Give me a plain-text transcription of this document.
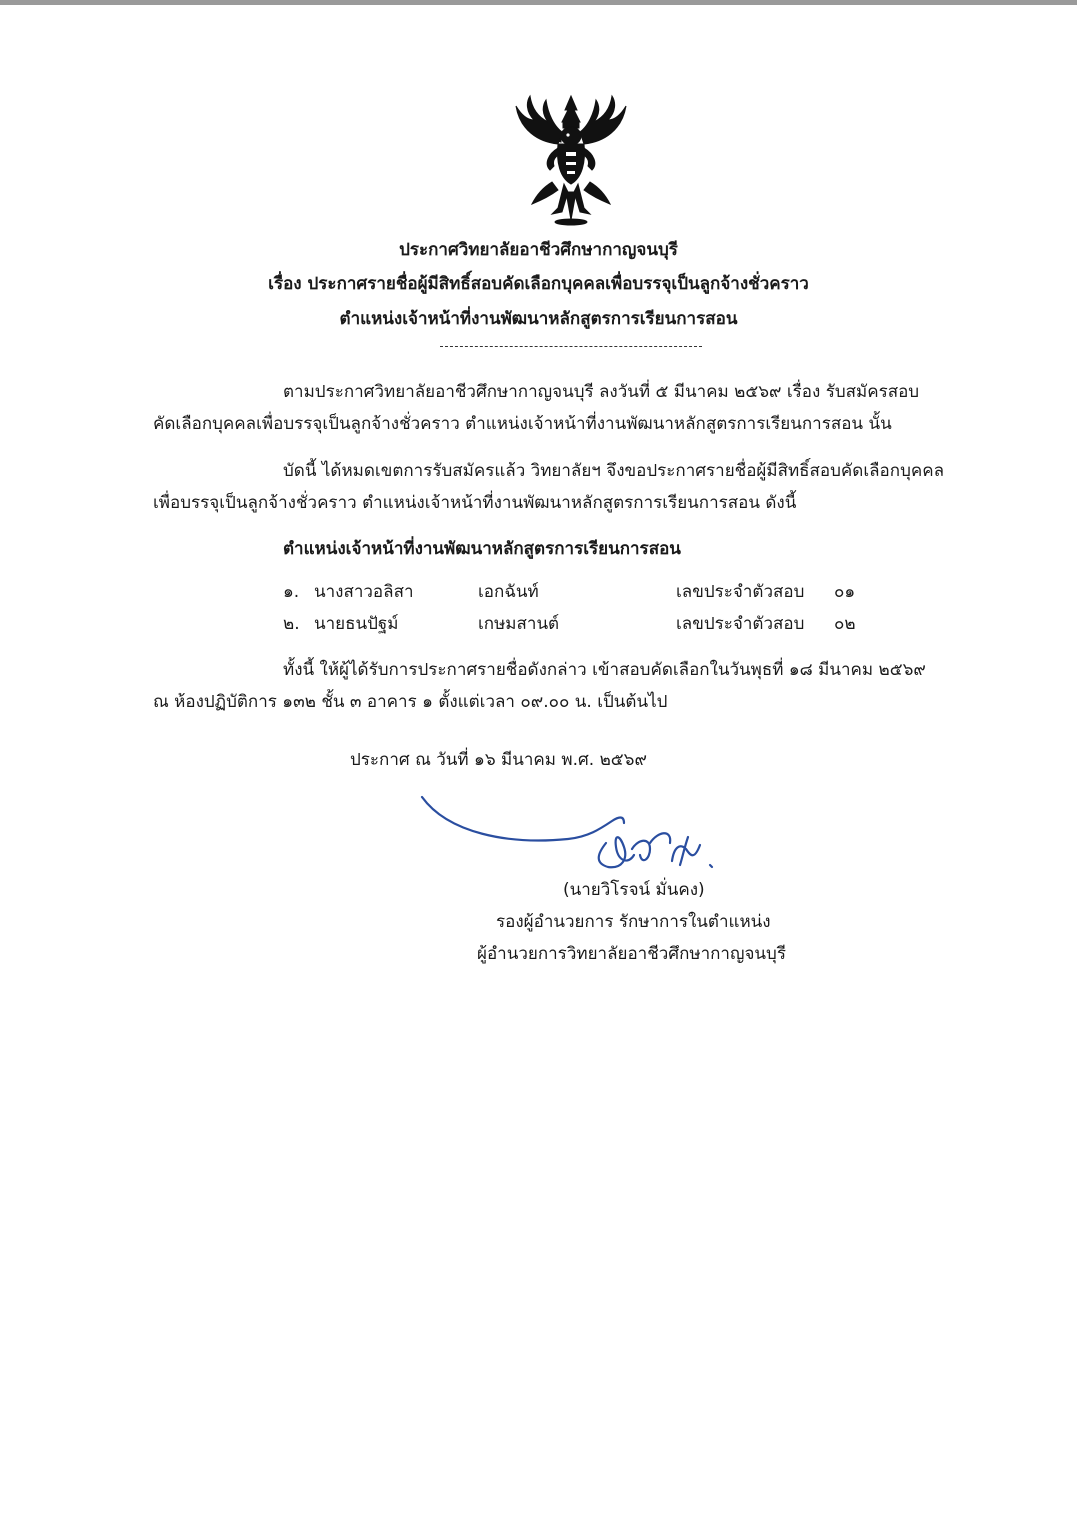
ประกาศวิทยาลัยอาชีวศึกษากาญจนบุรี
เรื่อง ประกาศรายชื่อผู้มีสิทธิ์สอบคัดเลือกบุคคลเพื่อบรรจุเป็นลูกจ้างชั่วคราว
ตำแหน่งเจ้าหน้าที่งานพัฒนาหลักสูตรการเรียนการสอน
ตามประกาศวิทยาลัยอาชีวศึกษากาญจนบุรี ลงวันที่ ๕ มีนาคม ๒๕๖๙ เรื่อง รับสมัครสอบ
คัดเลือกบุคคลเพื่อบรรจุเป็นลูกจ้างชั่วคราว ตำแหน่งเจ้าหน้าที่งานพัฒนาหลักสูตรการเรียนการสอน นั้น
บัดนี้ ได้หมดเขตการรับสมัครแล้ว วิทยาลัยฯ จึงขอประกาศรายชื่อผู้มีสิทธิ์สอบคัดเลือกบุคคล
เพื่อบรรจุเป็นลูกจ้างชั่วคราว ตำแหน่งเจ้าหน้าที่งานพัฒนาหลักสูตรการเรียนการสอน ดังนี้
ตำแหน่งเจ้าหน้าที่งานพัฒนาหลักสูตรการเรียนการสอน
๑. นางสาวอลิสา	เอกฉันท์	เลขประจำตัวสอบ ๐๑
๒. นายธนปัฐม์	เกษมสานต์	เลขประจำตัวสอบ ๐๒
ทั้งนี้ ให้ผู้ได้รับการประกาศรายชื่อดังกล่าว เข้าสอบคัดเลือกในวันพุธที่ ๑๘ มีนาคม ๒๕๖๙
ณ ห้องปฏิบัติการ ๑๓๒ ชั้น ๓ อาคาร ๑ ตั้งแต่เวลา ๐๙.๐๐ น. เป็นต้นไป
ประกาศ ณ วันที่ ๑๖ มีนาคม พ.ศ. ๒๕๖๙
(นายวิโรจน์ มั่นคง)
รองผู้อำนวยการ รักษาการในตำแหน่ง
ผู้อำนวยการวิทยาลัยอาชีวศึกษากาญจนบุรี
